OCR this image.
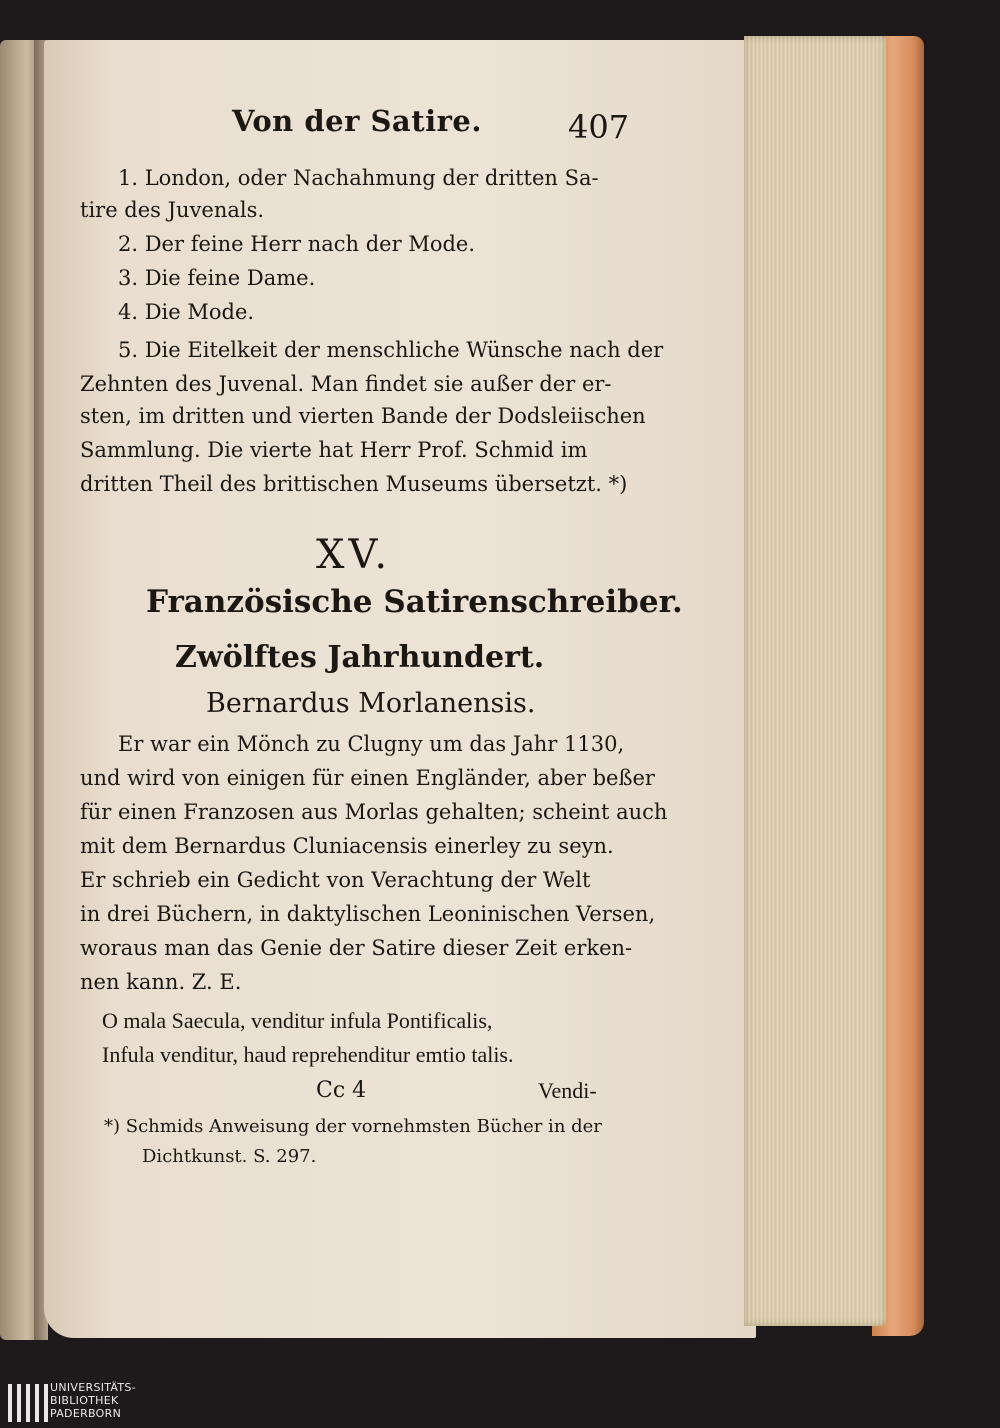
Von der Satire.	407
1. London, oder Nachahmung der dritten Sa-
tire des Juvenals.
2. Der feine Herr nach der Mode.
3. Die feine Dame.
4. Die Mode.
5. Die Eitelkeit der menschliche Wünsche nach der
Zehnten des Juvenal. Man findet sie außer der er-
sten, im dritten und vierten Bande der Dodsleiischen
Sammlung. Die vierte hat Herr Prof. Schmid im
dritten Theil des brittischen Museums übersetzt. *)
XV.
Französische Satirenschreiber.
Zwölftes Jahrhundert.
Bernardus Morlanensis.
Er war ein Mönch zu Clugny um das Jahr 1130,
und wird von einigen für einen Engländer, aber beßer
für einen Franzosen aus Morlas gehalten; scheint auch
mit dem Bernardus Cluniacensis einerley zu seyn.
Er schrieb ein Gedicht von Verachtung der Welt
in drei Büchern, in daktylischen Leoninischen Versen,
woraus man das Genie der Satire dieser Zeit erken-
nen kann. Z. E.
O mala Saecula, venditur infula Pontificalis,
Infula venditur, haud reprehenditur emtio talis.
Cc 4	Vendi-
*) Schmids Anweisung der vornehmsten Bücher in der
Dichtkunst. S. 297.
UNIVERSITÄTS-
BIBLIOTHEK
PADERBORN
